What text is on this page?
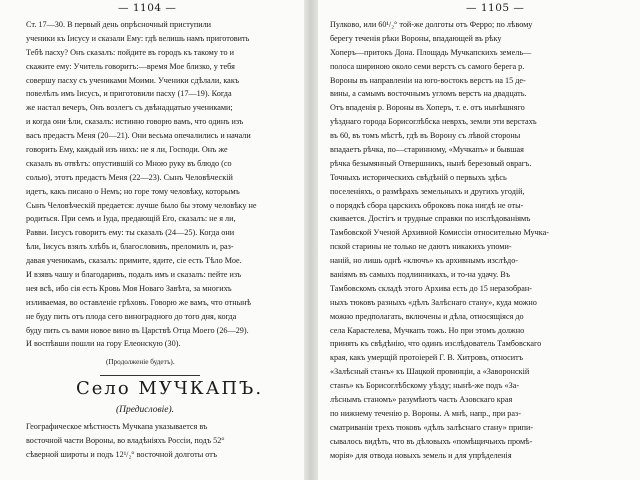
— 1104 —
Ст. 17—30. В первый день опрѣсночный приступили
ученики къ Іисусу и сказали Ему: гдѣ велишь намъ приготовить
Тебѣ пасху? Онъ сказалъ: пойдите въ городъ къ такому то и
скажите ему: Учитель говоритъ:—время Мое близко, у тебя
совершу пасху съ учениками Моими. Ученики сдѣлали, какъ
повелѣлъ имъ Іисусъ, и приготовили пасху (17—19). Когда
же настал вечеръ, Онъ возлегъ съ двѣнадцатью учениками;
и когда они ѣли, сказалъ: истинно говорю вамъ, что одинъ изъ
васъ предастъ Меня (20—21). Они весьма опечалились и начали
говорить Ему, каждый изъ нихъ: не я ли, Господи. Онъ же
сказалъ въ отвѣтъ: опустившій со Мною руку въ блюдо (со
солью), этотъ предастъ Меня (22—23). Сынъ Человѣческій
идетъ, какъ писано о Немъ; но горе тому человѣку, которымъ
Сынъ Человѣческій предается: лучше было бы этому человѣку не
родиться. При семъ и Іуда, предающій Его, сказалъ: не я ли,
Равви. Іисусъ говоритъ ему: ты сказалъ (24—25). Когда они
ѣли, Іисусъ взялъ хлѣбъ и, благословивъ, преломилъ и, раз-
давая ученикамъ, сказалъ: примите, ядите, сіе есть Тѣло Мое.
И взявъ чашу и благодаривъ, подалъ имъ и сказалъ: пейте изъ
нея всѣ, ибо сія есть Кровь Моя Новаго Завѣта, за многихъ
изливаемая, во оставленіе грѣховъ. Говорю же вамъ, что отнынѣ
не буду пить отъ плода сего виноградного до того дня, когда
буду пить съ вами новое вино въ Царствѣ Отца Моего (26—29).
И воспѣвши пошли на гору Елеонскую (30).
(Продолженіе будетъ).
Село МУЧКАПЪ.
(Предисловіе).
Географическое мѣстность Мучкапа указывается въ
восточной части Вороны, во владѣніяхъ Россіи, подъ 52°
сѣверной широты и подъ 12¹/₂° восточной долготы отъ
— 1105 —
Пулково, или 60¹/₂° той-же долготы отъ Ферро; по лѣвому
берегу теченія рѣки Вороны, впадающей въ рѣку
Хоперъ—притокъ Дона. Площадь Мучкапскихъ земель—
полоса шириною около семи верстъ съ самого берега р.
Вороны въ направленіи на юго-востокъ верстъ на 15 де-
вины, а самымъ восточнымъ угломъ верстъ на двадцать.
Отъ впаденія р. Вороны въ Хоперъ, т. е. отъ нынѣшняго
уѣзднаго города Борисоглѣбска неврхъ, земли эти верстахъ
въ 60, въ томъ мѣстѣ, гдѣ въ Ворону съ лѣвой стороны
впадаетъ рѣчка, по—старинному, «Мучкапъ» и бывшая
рѣчка безымянный Отвершникъ, нынѣ березовый оврагъ.
Точныхъ историческихъ свѣдѣній о первыхъ здѣсь
поселеніяхъ, о размѣрахъ земельныхъ и другихъ угодій,
о порядкѣ сбора царскихъ оброковъ пока нигдѣ не оты-
скивается. Достігъ и трудные справки по изслѣдованіямъ
Тамбовской Ученой Архивной Комиссіи относительно Мучка-
пской старины не только не даютъ никакихъ упоми-
наній, но лишь однѣ «ключъ» къ архивнымъ изслѣдо-
ваніямъ въ самыхъ подлинникахъ, и то-на удачу. Въ
Тамбовскомъ складѣ этого Архива есть до 15 неразобран-
ныхъ тюковъ разныхъ «дѣлъ Залѣснаго стану», куда можно
можно предполагать, включены и дѣла, относящіяся до
села Карастелева, Мучкапъ тожъ. Но при этомъ должно
принять къ свѣдѣнію, что одинъ изслѣдователь Тамбовскаго
края, какъ умерщій протоіерей Г. В. Хитровъ, относитъ
«Залѣсный станъ» къ Шацкой провинціи, а «Заворонскій
станъ» къ Борисоглѣбскому уѣзду; нынѣ-же подъ «За-
лѣснымъ станомъ» разумѣютъ часть Азовскаго края
по нижнему теченію р. Вороны. А мнѣ, напр., при раз-
сматриваніи трехъ тюковъ «дѣлъ залѣснаго стану» припи-
сывалось видѣть, что въ дѣловыхъ «помѣщичьихъ промѣ-
морія» для отвода новыхъ земель и для упрѣделенія
